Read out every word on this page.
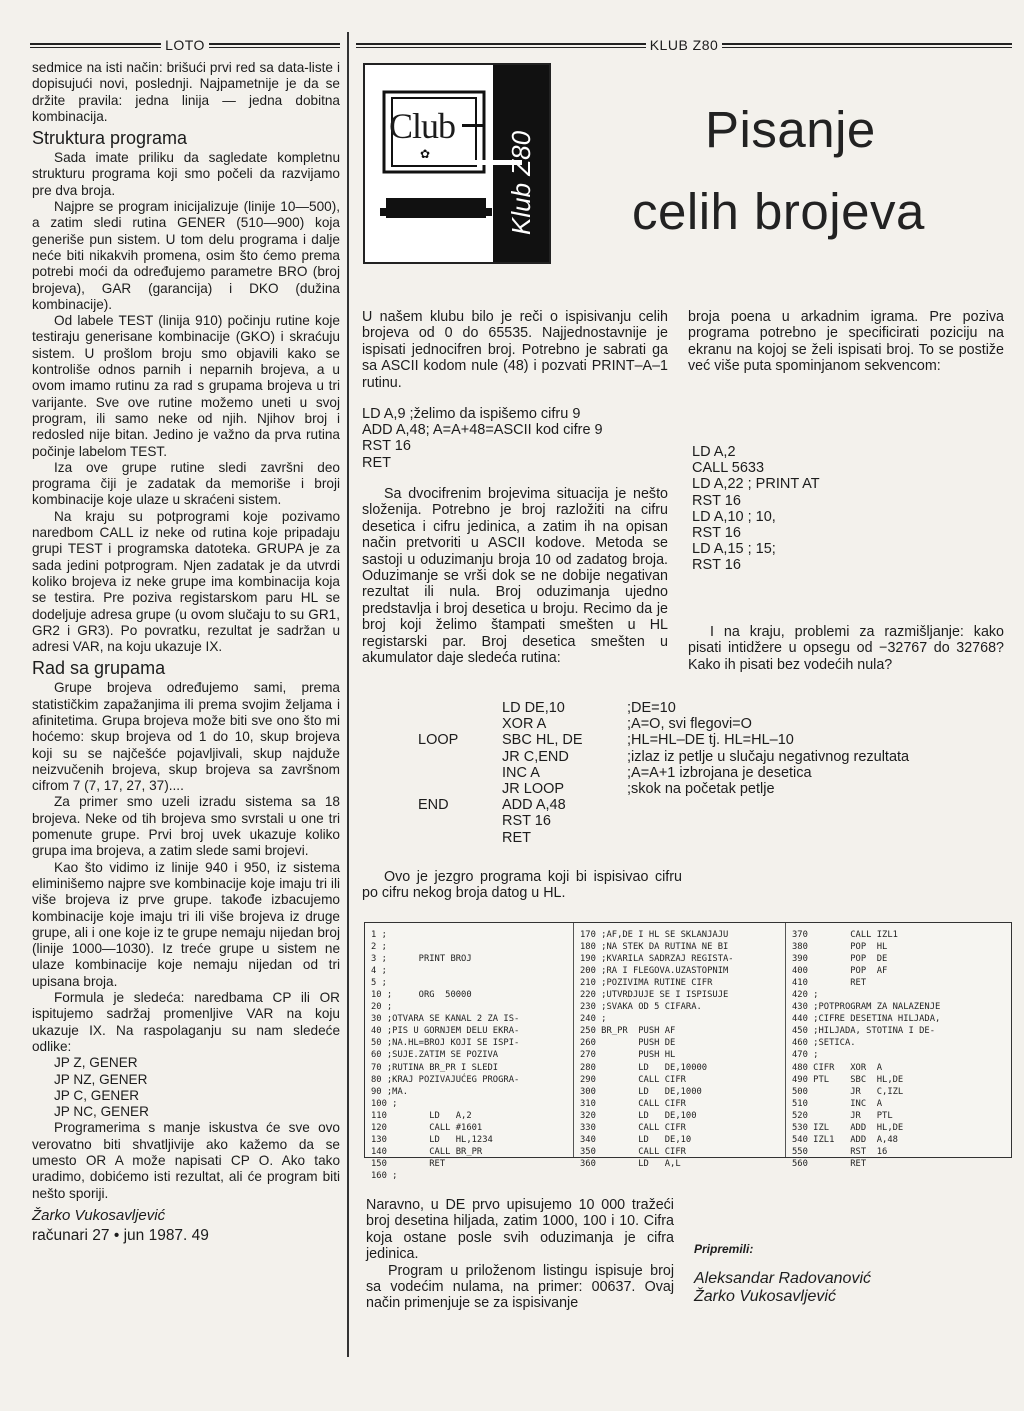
LOTO	KLUB Z80

sedmice na isti način: brišući prvi red sa data-liste i dopisujući novi, poslednji. Najpametnije je da se držite pravila: jedna linija — jedna dobitna kombinacija.

Struktura programa

Sada imate priliku da sagledate kompletnu strukturu programa koji smo počeli da razvijamo pre dva broja.

Najpre se program inicijalizuje (linije 10—500), a zatim sledi rutina GENER (510—900) koja generiše pun sistem. U tom delu programa i dalje neće biti nikakvih promena, osim što ćemo prema potrebi moći da određujemo parametre BRO (broj brojeva), GAR (garancija) i DKO (dužina kombinacije).

Od labele TEST (linija 910) počinju rutine koje testiraju generisane kombinacije (GKO) i skraćuju sistem. U prošlom broju smo objavili kako se kontroliše odnos parnih i neparnih brojeva, a u ovom imamo rutinu za rad s grupama brojeva u tri varijante. Sve ove rutine možemo uneti u svoj program, ili samo neke od njih. Njihov broj i redosled nije bitan. Jedino je važno da prva rutina počinje labelom TEST.

Iza ove grupe rutine sledi završni deo programa čiji je zadatak da memoriše i broji kombinacije koje ulaze u skraćeni sistem.

Na kraju su potprogrami koje pozivamo naredbom CALL iz neke od rutina koje pripadaju grupi TEST i programska datoteka. GRUPA je za sada jedini potprogram. Njen zadatak je da utvrdi koliko brojeva iz neke grupe ima kombinacija koja se testira. Pre poziva registarskom paru HL se dodeljuje adresa grupe (u ovom slučaju to su GR1, GR2 i GR3). Po povratku, rezultat je sadržan u adresi VAR, na koju ukazuje IX.

Rad sa grupama

Grupe brojeva određujemo sami, prema statističkim zapažanjima ili prema svojim željama i afinitetima. Grupa brojeva može biti sve ono što mi hoćemo: skup brojeva od 1 do 10, skup brojeva koji su se najčešće pojavljivali, skup najduže neizvučenih brojeva, skup brojeva sa završnom cifrom 7 (7, 17, 27, 37)....

Za primer smo uzeli izradu sistema sa 18 brojeva. Neke od tih brojeva smo svrstali u one tri pomenute grupe. Prvi broj uvek ukazuje koliko grupa ima brojeva, a zatim slede sami brojevi.

Kao što vidimo iz linije 940 i 950, iz sistema eliminišemo najpre sve kombinacije koje imaju tri ili više brojeva iz prve grupe. takođe izbacujemo kombinacije koje imaju tri ili više brojeva iz druge grupe, ali i one koje iz te grupe nemaju nijedan broj (linije 1000—1030). Iz treće grupe u sistem ne ulaze kombinacije koje nemaju nijedan od tri upisana broja.

Formula je sledeća: naredbama CP ili OR ispitujemo sadržaj promenljive VAR na koju ukazuje IX. Na raspolaganju su nam sledeće odlike:

JP Z, GENER

JP NZ, GENER

JP C, GENER

JP NC, GENER

Programerima s manje iskustva će sve ovo verovatno biti shvatljivije ako kažemo da se umesto OR A može napisati CP O. Ako tako uradimo, dobićemo isti rezultat, ali će program biti nešto sporiji.

Žarko Vukosavljević
računari 27 • jun 1987. 49
✿
Club
Klub Z80
Pisanje
celih brojeva

U našem klubu bilo je reči o ispisivanju celih brojeva od 0 do 65535. Najjednostavnije je ispisati jednocifren broj. Potrebno je sabrati ga sa ASCII kodom nule (48) i pozvati PRINT–A–1 rutinu.

LD A,9 ;želimo da ispišemo cifru 9
ADD A,48; A=A+48=ASCII kod cifre 9
RST 16
RET

Sa dvocifrenim brojevima situacija je nešto složenija. Potrebno je broj razložiti na cifru desetica i cifru jedinica, a zatim ih na opisan način pretvoriti u ASCII kodove. Metoda se sastoji u oduzimanju broja 10 od zadatog broja. Oduzimanje se vrši dok se ne dobije negativan rezultat ili nula. Broj oduzimanja ujedno predstavlja i broj desetica u broju. Recimo da je broj koji želimo štampati smešten u HL registarski par. Broj desetica smešten u akumulator daje sledeća rutina:

broja poena u arkadnim igrama. Pre poziva programa potrebno je specificirati poziciju na ekranu na kojoj se želi ispisati broj. To se postiže već više puta spominjanom sekvencom:

LD A,2
CALL 5633
LD A,22 ; PRINT AT
RST 16
LD A,10 ; 10,
RST 16
LD A,15 ; 15;
RST 16

I na kraju, problemi za razmišljanje: kako pisati intidžere u opsegu od −32767 do 32768? Kako ih pisati bez vodećih nula?

LOOP
END
LD DE,10
XOR A
SBC HL, DE
JR C,END
INC A
JR LOOP
ADD A,48
RST 16
RET
;DE=10
;A=O, svi flegovi=O
;HL=HL–DE tj. HL=HL–10
;izlaz iz petlje u slučaju negativnog rezultata
;A=A+1 izbrojana je desetica
;skok na početak petlje

Ovo je jezgro programa koji bi ispisivao cifru po cifru nekog broja datog u HL.

1 ;
2 ;
3 ;      PRINT BROJ
4 ;
5 ;
10 ;     ORG  50000
20 ;
30 ;OTVARA SE KANAL 2 ZA IS-
40 ;PIS U GORNJEM DELU EKRA-
50 ;NA.HL=BROJ KOJI SE ISPI-
60 ;SUJE.ZATIM SE POZIVA
70 ;RUTINA BR_PR I SLEDI
80 ;KRAJ POZIVAJUĆEG PROGRA-
90 ;MA.
100 ;
110        LD   A,2
120        CALL #1601
130        LD   HL,1234
140        CALL BR_PR
150        RET
160 ;
170 ;AF,DE I HL SE SKLANJAJU
180 ;NA STEK DA RUTINA NE BI
190 ;KVARILA SADRZAJ REGISTA-
200 ;RA I FLEGOVA.UZASTOPNIM
210 ;POZIVIMA RUTINE CIFR
220 ;UTVRDJUJE SE I ISPISUJE
230 ;SVAKA OD 5 CIFARA.
240 ;
250 BR_PR  PUSH AF
260        PUSH DE
270        PUSH HL
280        LD   DE,10000
290        CALL CIFR
300        LD   DE,1000
310        CALL CIFR
320        LD   DE,100
330        CALL CIFR
340        LD   DE,10
350        CALL CIFR
360        LD   A,L
370        CALL IZL1
380        POP  HL
390        POP  DE
400        POP  AF
410        RET
420 ;
430 ;POTPROGRAM ZA NALAZENJE
440 ;CIFRE DESETINA HILJADA,
450 ;HILJADA, STOTINA I DE-
460 ;SETICA.
470 ;
480 CIFR   XOR  A
490 PTL    SBC  HL,DE
500        JR   C,IZL
510        INC  A
520        JR   PTL
530 IZL    ADD  HL,DE
540 IZL1   ADD  A,48
550        RST  16
560        RET

Naravno, u DE prvo upisujemo 10 000 tražeći broj desetina hiljada, zatim 1000, 100 i 10. Cifra koja ostane posle svih oduzimanja je cifra jedinica.

Program u priloženom listingu ispisuje broj sa vodećim nulama, na primer: 00637. Ovaj način primenjuje se za ispisivanje

Pripremili:
Aleksandar Radovanović
Žarko Vukosavljević
